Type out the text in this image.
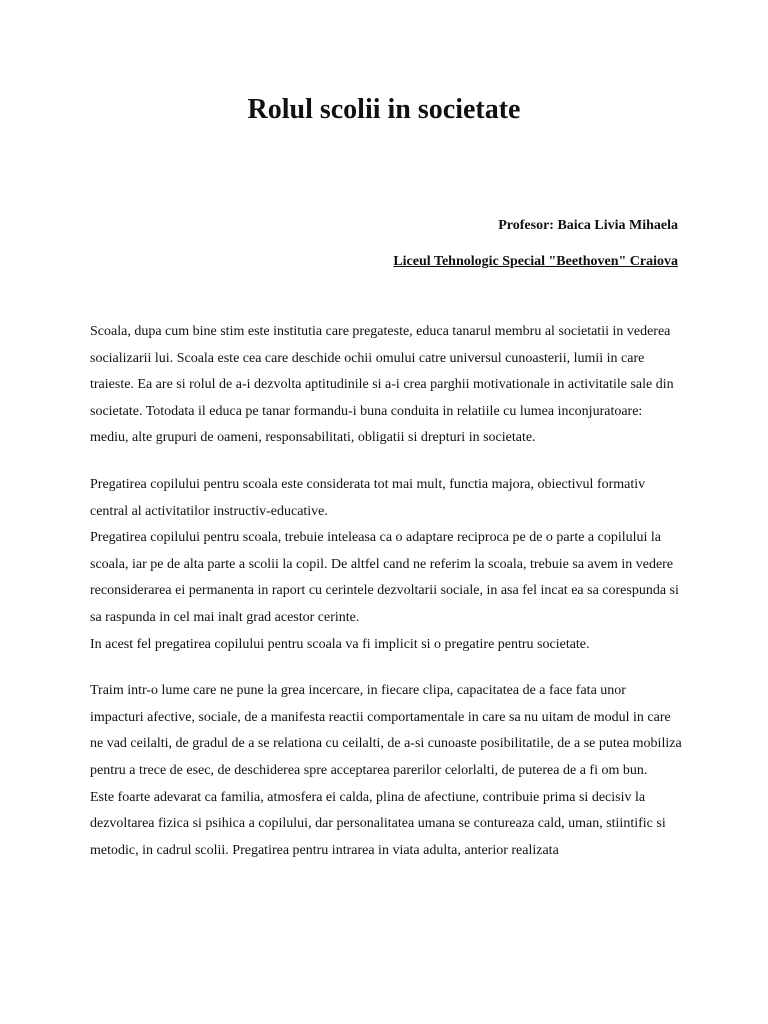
Rolul scolii in societate
Profesor: Baica Livia Mihaela
Liceul Tehnologic Special "Beethoven" Craiova

Scoala, dupa cum bine stim este institutia care pregateste, educa tanarul membru al societatii in vederea socializarii lui. Scoala este cea care deschide ochii omului catre universul cunoasterii, lumii in care traieste. Ea are si rolul de a-i dezvolta aptitudinile si a-i crea parghii motivationale in activitatile sale din societate. Totodata il educa pe tanar formandu-i buna conduita in relatiile cu lumea inconjuratoare: mediu, alte grupuri de oameni, responsabilitati, obligatii si drepturi in societate.

Pregatirea copilului pentru scoala este considerata tot mai mult, functia majora, obiectivul formativ central al activitatilor instructiv-educative.

Pregatirea copilului pentru scoala, trebuie inteleasa ca o adaptare reciproca pe de o parte a copilului la scoala, iar pe de alta parte a scolii la copil. De altfel cand ne referim la scoala, trebuie sa avem in vedere reconsiderarea ei permanenta in raport cu cerintele dezvoltarii sociale, in asa fel incat ea sa corespunda si sa raspunda in cel mai inalt grad acestor cerinte.

In acest fel pregatirea copilului pentru scoala va fi implicit si o pregatire pentru societate.

Traim intr-o lume care ne pune la grea incercare, in fiecare clipa, capacitatea de a face fata unor impacturi afective, sociale, de a manifesta reactii comportamentale in care sa nu uitam de modul in care ne vad ceilalti, de gradul de a se relationa cu ceilalti, de a-si cunoaste posibilitatile, de a se putea mobiliza pentru a trece de esec, de deschiderea spre acceptarea parerilor celorlalti, de puterea de a fi om bun.

Este foarte adevarat ca familia, atmosfera ei calda, plina de afectiune, contribuie prima si decisiv la dezvoltarea fizica si psihica a copilului, dar personalitatea umana se contureaza cald, uman, stiintific si metodic, in cadrul scolii. Pregatirea pentru intrarea in viata adulta, anterior realizata
